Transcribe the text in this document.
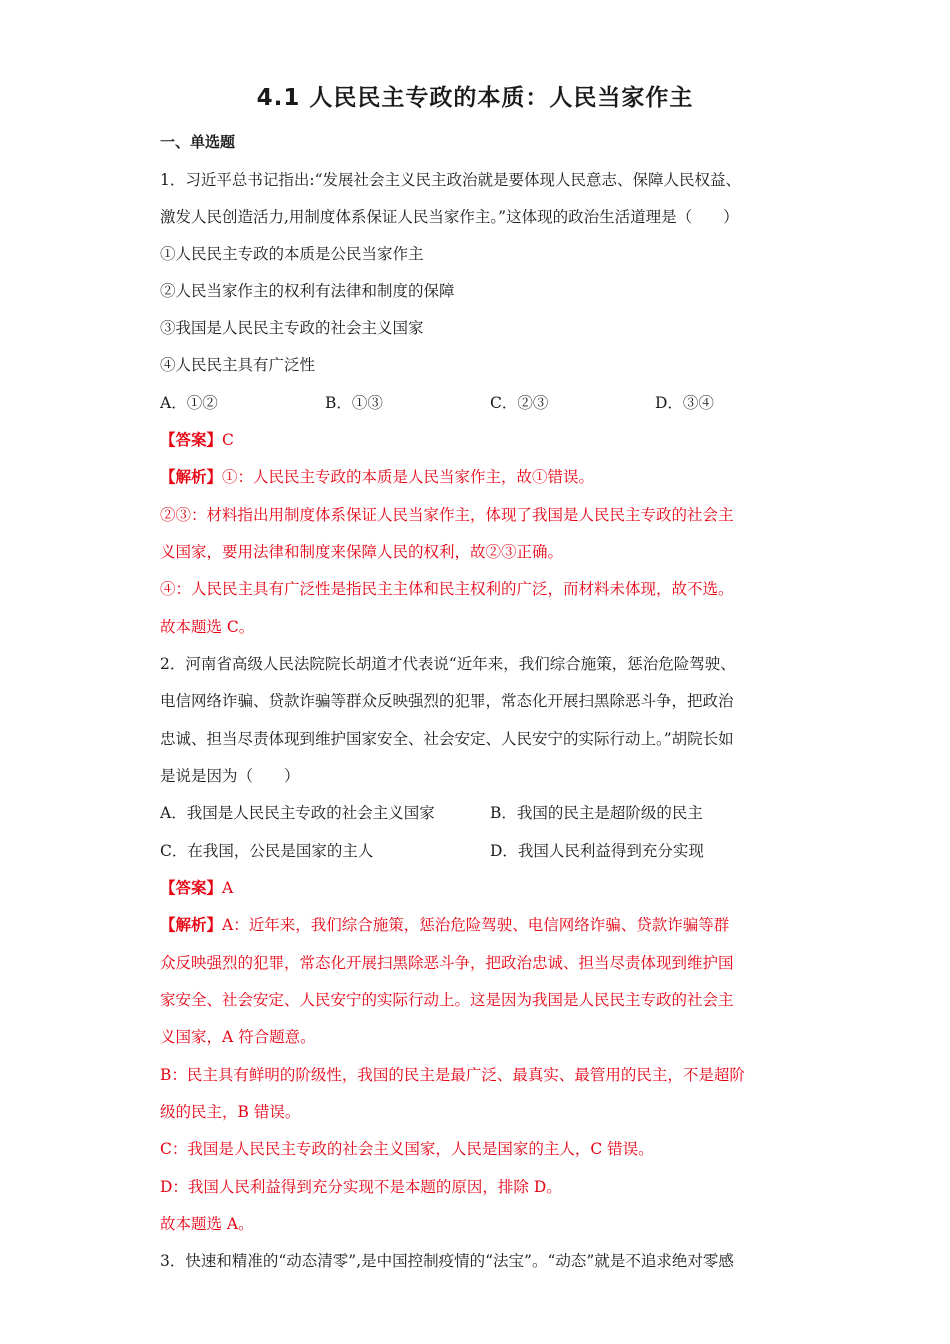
4.1 人民民主专政的本质：人民当家作主
一、单选题
1．习近平总书记指出:“发展社会主义民主政治就是要体现人民意志、保障人民权益、
激发人民创造活力,用制度体系保证人民当家作主。”这体现的政治生活道理是（　　）
①人民民主专政的本质是公民当家作主
②人民当家作主的权利有法律和制度的保障
③我国是人民民主专政的社会主义国家
④人民民主具有广泛性
A．①②	B．①③	C．②③	D．③④
【答案】C
【解析】①：人民民主专政的本质是人民当家作主，故①错误。
②③：材料指出用制度体系保证人民当家作主，体现了我国是人民民主专政的社会主
义国家，要用法律和制度来保障人民的权利，故②③正确。
④：人民民主具有广泛性是指民主主体和民主权利的广泛，而材料未体现，故不选。
故本题选 C。
2．河南省高级人民法院院长胡道才代表说“近年来，我们综合施策，惩治危险驾驶、
电信网络诈骗、贷款诈骗等群众反映强烈的犯罪，常态化开展扫黑除恶斗争，把政治
忠诚、担当尽责体现到维护国家安全、社会安定、人民安宁的实际行动上。”胡院长如
是说是因为（　　）
A．我国是人民民主专政的社会主义国家	B．我国的民主是超阶级的民主
C．在我国，公民是国家的主人	D．我国人民利益得到充分实现
【答案】A
【解析】A：近年来，我们综合施策，惩治危险驾驶、电信网络诈骗、贷款诈骗等群
众反映强烈的犯罪，常态化开展扫黑除恶斗争，把政治忠诚、担当尽责体现到维护国
家安全、社会安定、人民安宁的实际行动上。这是因为我国是人民民主专政的社会主
义国家，A 符合题意。
B：民主具有鲜明的阶级性，我国的民主是最广泛、最真实、最管用的民主，不是超阶
级的民主，B 错误。
C：我国是人民民主专政的社会主义国家，人民是国家的主人，C 错误。
D：我国人民利益得到充分实现不是本题的原因，排除 D。
故本题选 A。
3．快速和精准的“动态清零”,是中国控制疫情的“法宝”。“动态”就是不追求绝对零感
